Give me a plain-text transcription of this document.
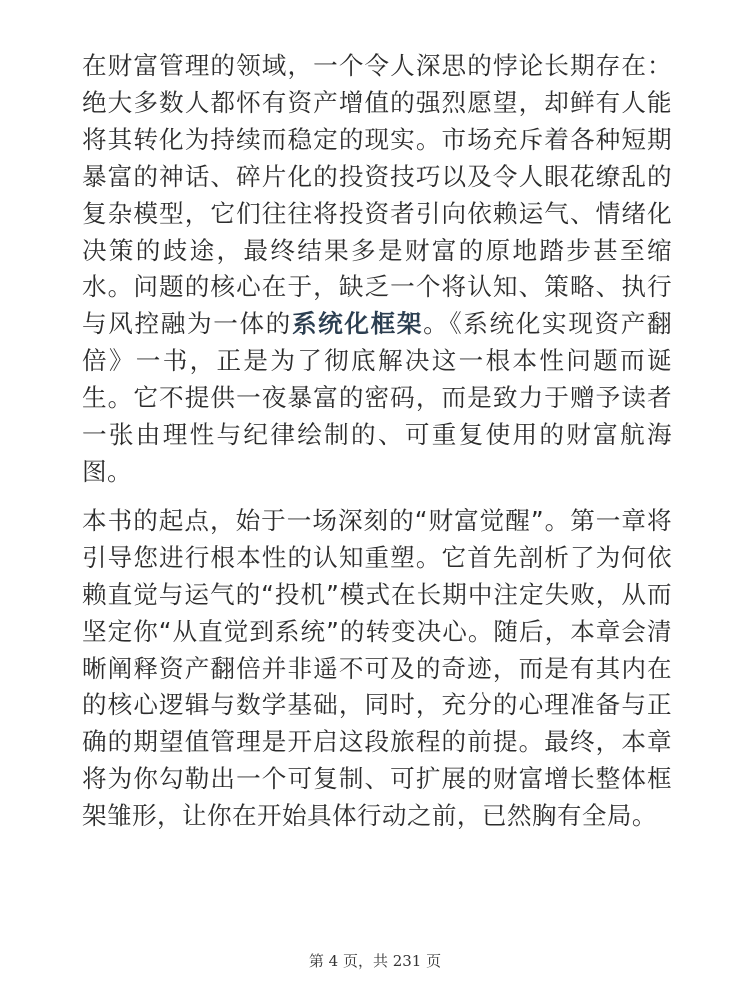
在财富管理的领域，一个令人深思的悖论长期存在：绝大多数人都怀有资产增值的强烈愿望，却鲜有人能将其转化为持续而稳定的现实。市场充斥着各种短期暴富的神话、碎片化的投资技巧以及令人眼花缭乱的复杂模型，它们往往将投资者引向依赖运气、情绪化决策的歧途，最终结果多是财富的原地踏步甚至缩水。问题的核心在于，缺乏一个将认知、策略、执行与风控融为一体的系统化框架。《系统化实现资产翻倍》一书，正是为了彻底解决这一根本性问题而诞生。它不提供一夜暴富的密码，而是致力于赠予读者一张由理性与纪律绘制的、可重复使用的财富航海图。

本书的起点，始于一场深刻的“财富觉醒”。第一章将引导您进行根本性的认知重塑。它首先剖析了为何依赖直觉与运气的“投机”模式在长期中注定失败，从而坚定你“从直觉到系统”的转变决心。随后，本章会清晰阐释资产翻倍并非遥不可及的奇迹，而是有其内在的核心逻辑与数学基础，同时，充分的心理准备与正确的期望值管理是开启这段旅程的前提。最终，本章将为你勾勒出一个可复制、可扩展的财富增长整体框架雏形，让你在开始具体行动之前，已然胸有全局。

第 4 页，共 231 页
